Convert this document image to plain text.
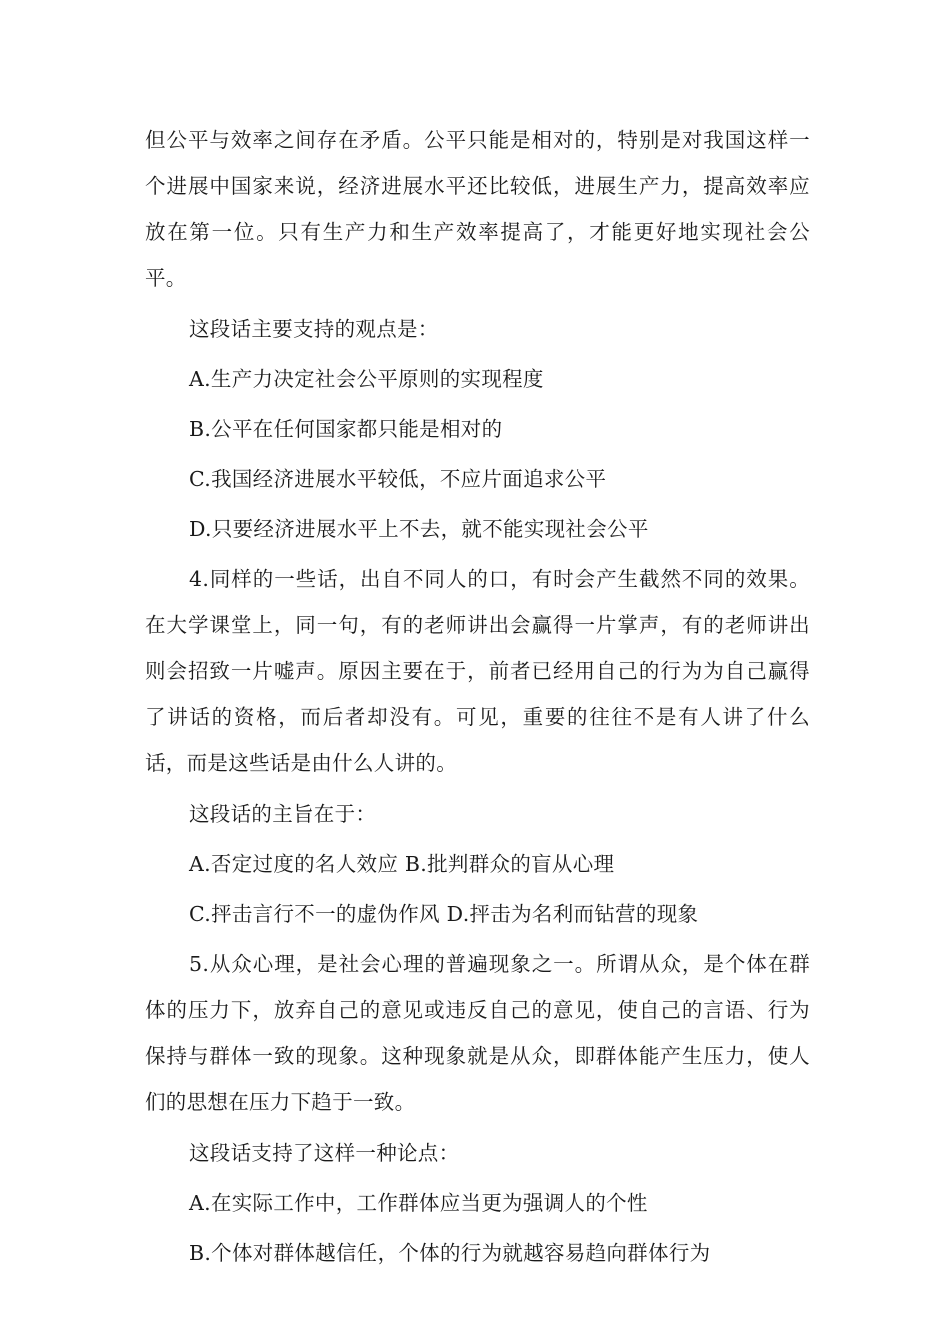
但公平与效率之间存在矛盾。公平只能是相对的，特别是对我国这样一个进展中国家来说，经济进展水平还比较低，进展生产力，提高效率应放在第一位。只有生产力和生产效率提高了，才能更好地实现社会公平。

这段话主要支持的观点是：
A.生产力决定社会公平原则的实现程度
B.公平在任何国家都只能是相对的
C.我国经济进展水平较低，不应片面追求公平
D.只要经济进展水平上不去，就不能实现社会公平

4.同样的一些话，出自不同人的口，有时会产生截然不同的效果。在大学课堂上，同一句，有的老师讲出会赢得一片掌声，有的老师讲出则会招致一片嘘声。原因主要在于，前者已经用自己的行为为自己赢得了讲话的资格，而后者却没有。可见，重要的往往不是有人讲了什么话，而是这些话是由什么人讲的。

这段话的主旨在于：
A.否定过度的名人效应 B.批判群众的盲从心理
C.抨击言行不一的虚伪作风 D.抨击为名利而钻营的现象

5.从众心理，是社会心理的普遍现象之一。所谓从众，是个体在群体的压力下，放弃自己的意见或违反自己的意见，使自己的言语、行为保持与群体一致的现象。这种现象就是从众，即群体能产生压力，使人们的思想在压力下趋于一致。

这段话支持了这样一种论点：
A.在实际工作中，工作群体应当更为强调人的个性
B.个体对群体越信任，个体的行为就越容易趋向群体行为
